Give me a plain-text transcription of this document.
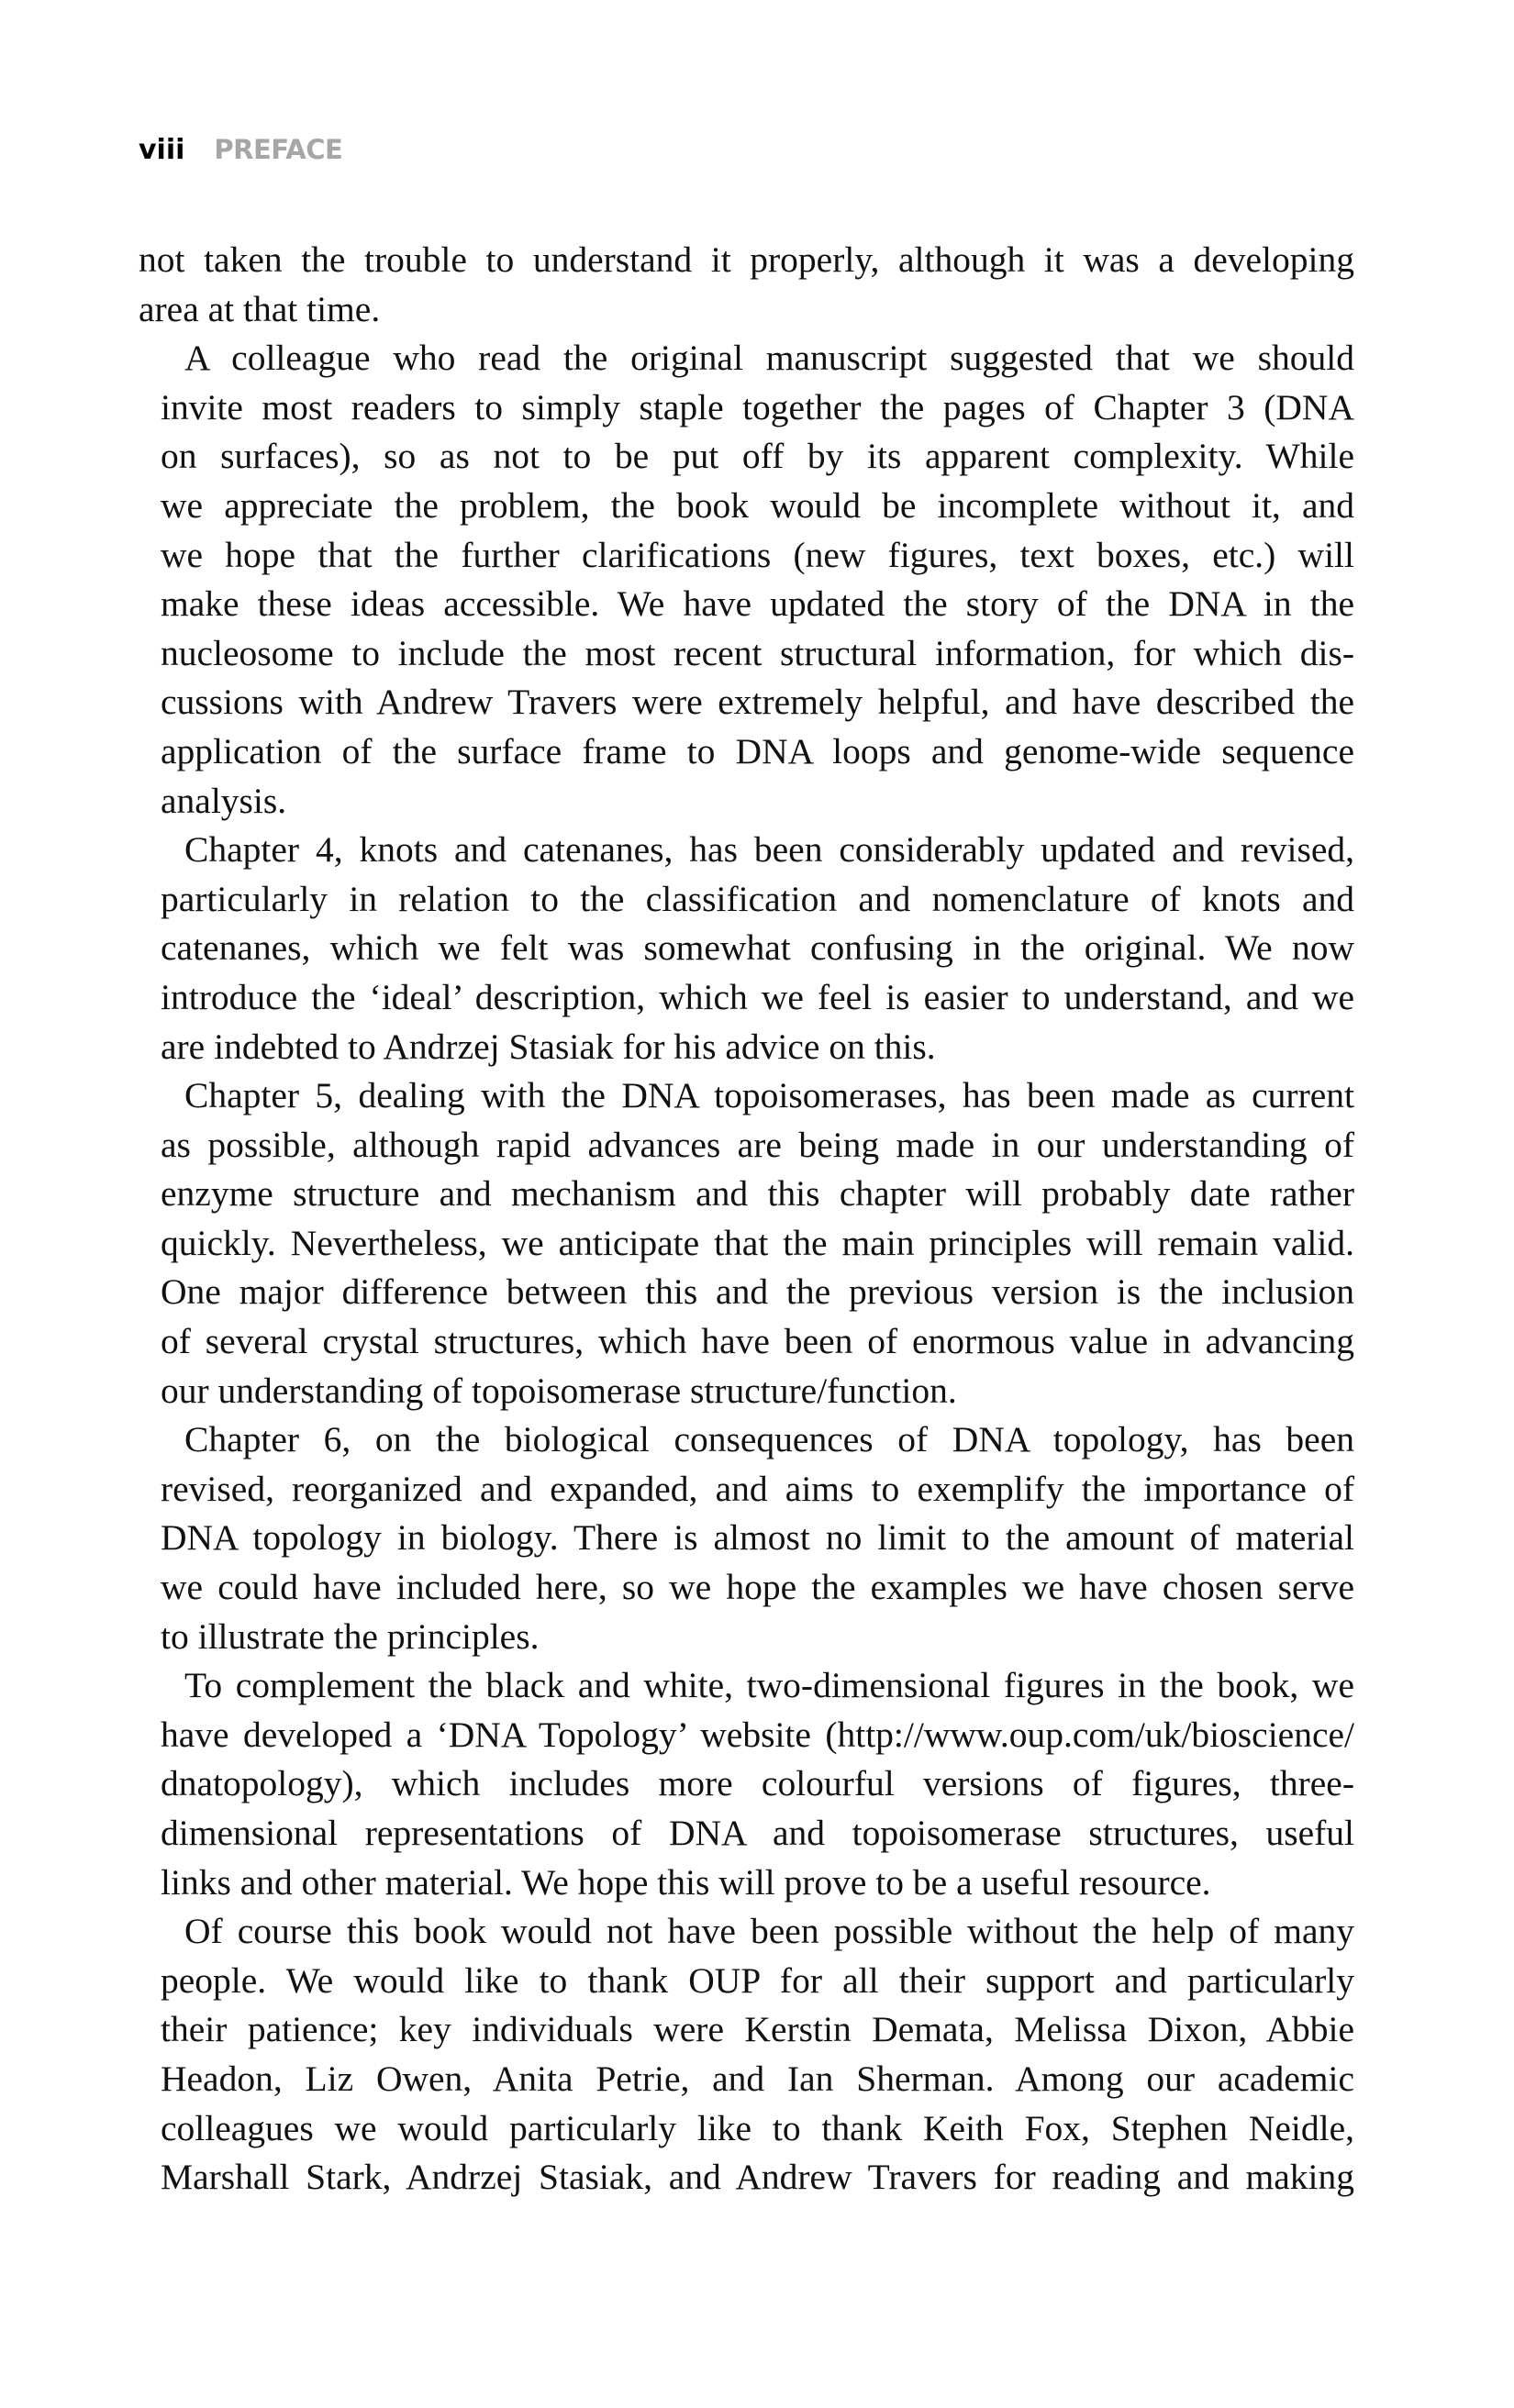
viii PREFACE
not taken the trouble to understand it properly, although it was a developing
area at that time.
A colleague who read the original manuscript suggested that we should
invite most readers to simply staple together the pages of Chapter 3 (DNA
on surfaces), so as not to be put off by its apparent complexity. While
we appreciate the problem, the book would be incomplete without it, and
we hope that the further clarifications (new figures, text boxes, etc.) will
make these ideas accessible. We have updated the story of the DNA in the
nucleosome to include the most recent structural information, for which dis-
cussions with Andrew Travers were extremely helpful, and have described the
application of the surface frame to DNA loops and genome-wide sequence
analysis.
Chapter 4, knots and catenanes, has been considerably updated and revised,
particularly in relation to the classification and nomenclature of knots and
catenanes, which we felt was somewhat confusing in the original. We now
introduce the ‘ideal’ description, which we feel is easier to understand, and we
are indebted to Andrzej Stasiak for his advice on this.
Chapter 5, dealing with the DNA topoisomerases, has been made as current
as possible, although rapid advances are being made in our understanding of
enzyme structure and mechanism and this chapter will probably date rather
quickly. Nevertheless, we anticipate that the main principles will remain valid.
One major difference between this and the previous version is the inclusion
of several crystal structures, which have been of enormous value in advancing
our understanding of topoisomerase structure/function.
Chapter 6, on the biological consequences of DNA topology, has been
revised, reorganized and expanded, and aims to exemplify the importance of
DNA topology in biology. There is almost no limit to the amount of material
we could have included here, so we hope the examples we have chosen serve
to illustrate the principles.
To complement the black and white, two-dimensional figures in the book, we
have developed a ‘DNA Topology’ website (http://www.oup.com/uk/bioscience/
dnatopology), which includes more colourful versions of figures, three-
dimensional representations of DNA and topoisomerase structures, useful
links and other material. We hope this will prove to be a useful resource.
Of course this book would not have been possible without the help of many
people. We would like to thank OUP for all their support and particularly
their patience; key individuals were Kerstin Demata, Melissa Dixon, Abbie
Headon, Liz Owen, Anita Petrie, and Ian Sherman. Among our academic
colleagues we would particularly like to thank Keith Fox, Stephen Neidle,
Marshall Stark, Andrzej Stasiak, and Andrew Travers for reading and making
